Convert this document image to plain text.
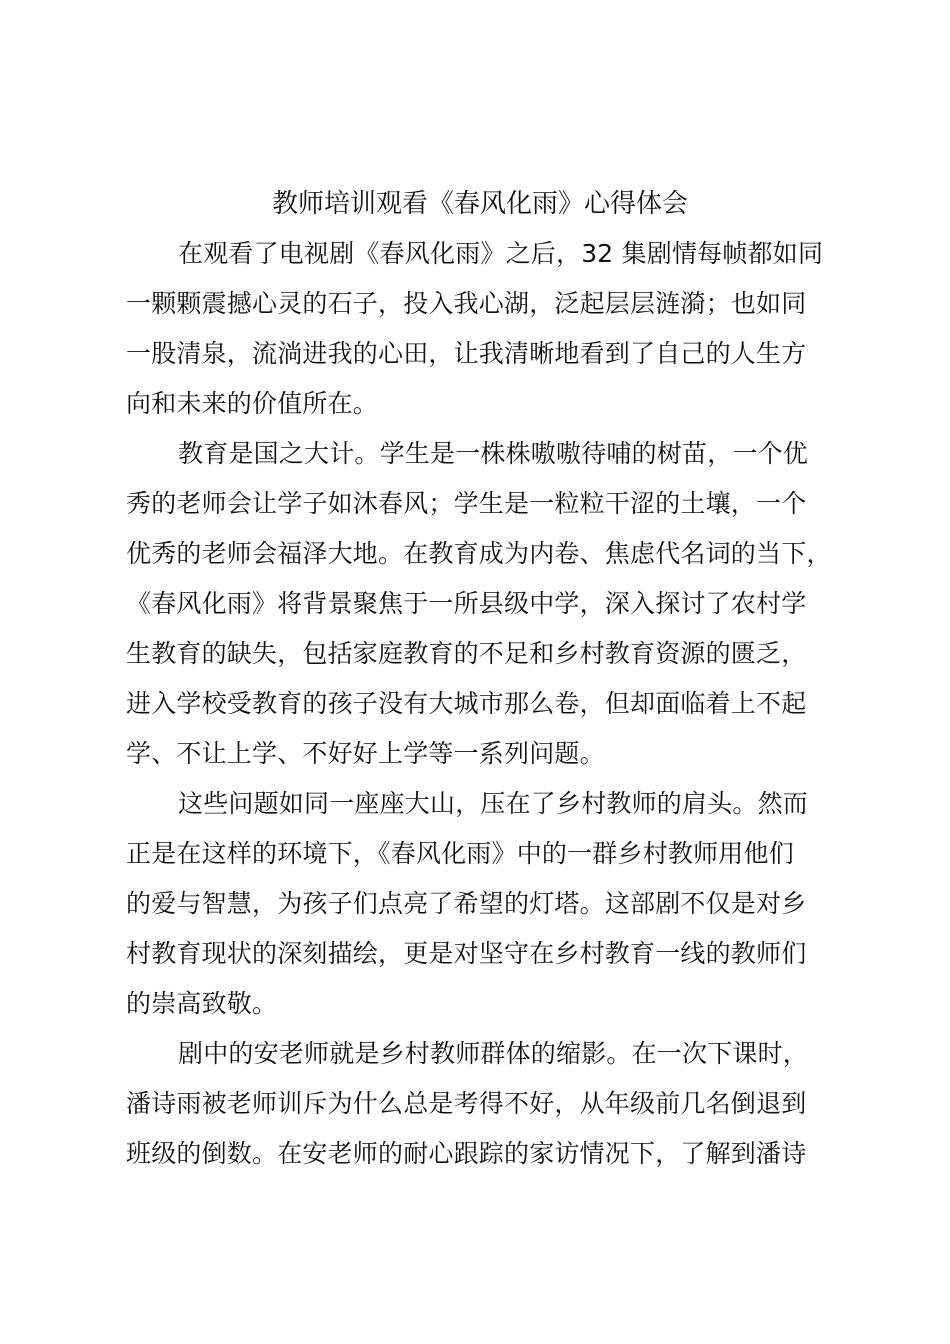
教师培训观看《春风化雨》心得体会
在观看了电视剧《春风化雨》之后，32 集剧情每帧都如同
一颗颗震撼心灵的石子，投入我心湖，泛起层层涟漪；也如同
一股清泉，流淌进我的心田，让我清晰地看到了自己的人生方
向和未来的价值所在。
教育是国之大计。学生是一株株嗷嗷待哺的树苗，一个优
秀的老师会让学子如沐春风；学生是一粒粒干涩的土壤，一个
优秀的老师会福泽大地。在教育成为内卷、焦虑代名词的当下，
《春风化雨》将背景聚焦于一所县级中学，深入探讨了农村学
生教育的缺失，包括家庭教育的不足和乡村教育资源的匮乏，
进入学校受教育的孩子没有大城市那么卷，但却面临着上不起
学、不让上学、不好好上学等一系列问题。
这些问题如同一座座大山，压在了乡村教师的肩头。然而
正是在这样的环境下，《春风化雨》中的一群乡村教师用他们
的爱与智慧，为孩子们点亮了希望的灯塔。这部剧不仅是对乡
村教育现状的深刻描绘，更是对坚守在乡村教育一线的教师们
的崇高致敬。
剧中的安老师就是乡村教师群体的缩影。在一次下课时，
潘诗雨被老师训斥为什么总是考得不好，从年级前几名倒退到
班级的倒数。在安老师的耐心跟踪的家访情况下，了解到潘诗
